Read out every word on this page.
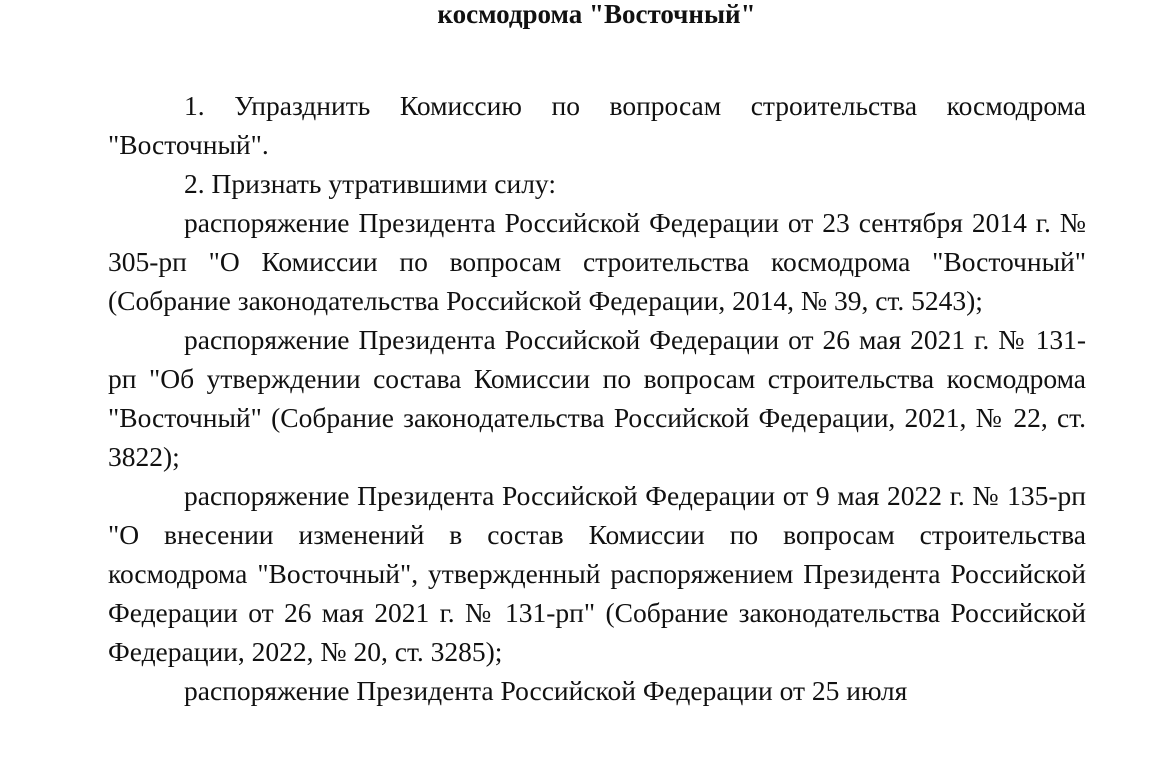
космодрома "Восточный"

1. Упразднить Комиссию по вопросам строительства космодрома "Восточный".

2. Признать утратившими силу:

распоряжение Президента Российской Федерации от 23 сентября 2014 г. № 305-рп "О Комиссии по вопросам строительства космодрома "Восточный" (Собрание законодательства Российской Федерации, 2014, № 39, ст. 5243);

распоряжение Президента Российской Федерации от 26 мая 2021 г. № 131-рп "Об утверждении состава Комиссии по вопросам строительства космодрома "Восточный" (Собрание законодательства Российской Федерации, 2021, № 22, ст. 3822);

распоряжение Президента Российской Федерации от 9 мая 2022 г. № 135-рп "О внесении изменений в состав Комиссии по вопросам строительства космодрома "Восточный", утвержденный распоряжением Президента Российской Федерации от 26 мая 2021 г. № 131-рп" (Собрание законодательства Российской Федерации, 2022, № 20, ст. 3285);

распоряжение Президента Российской Федерации от 25 июля
